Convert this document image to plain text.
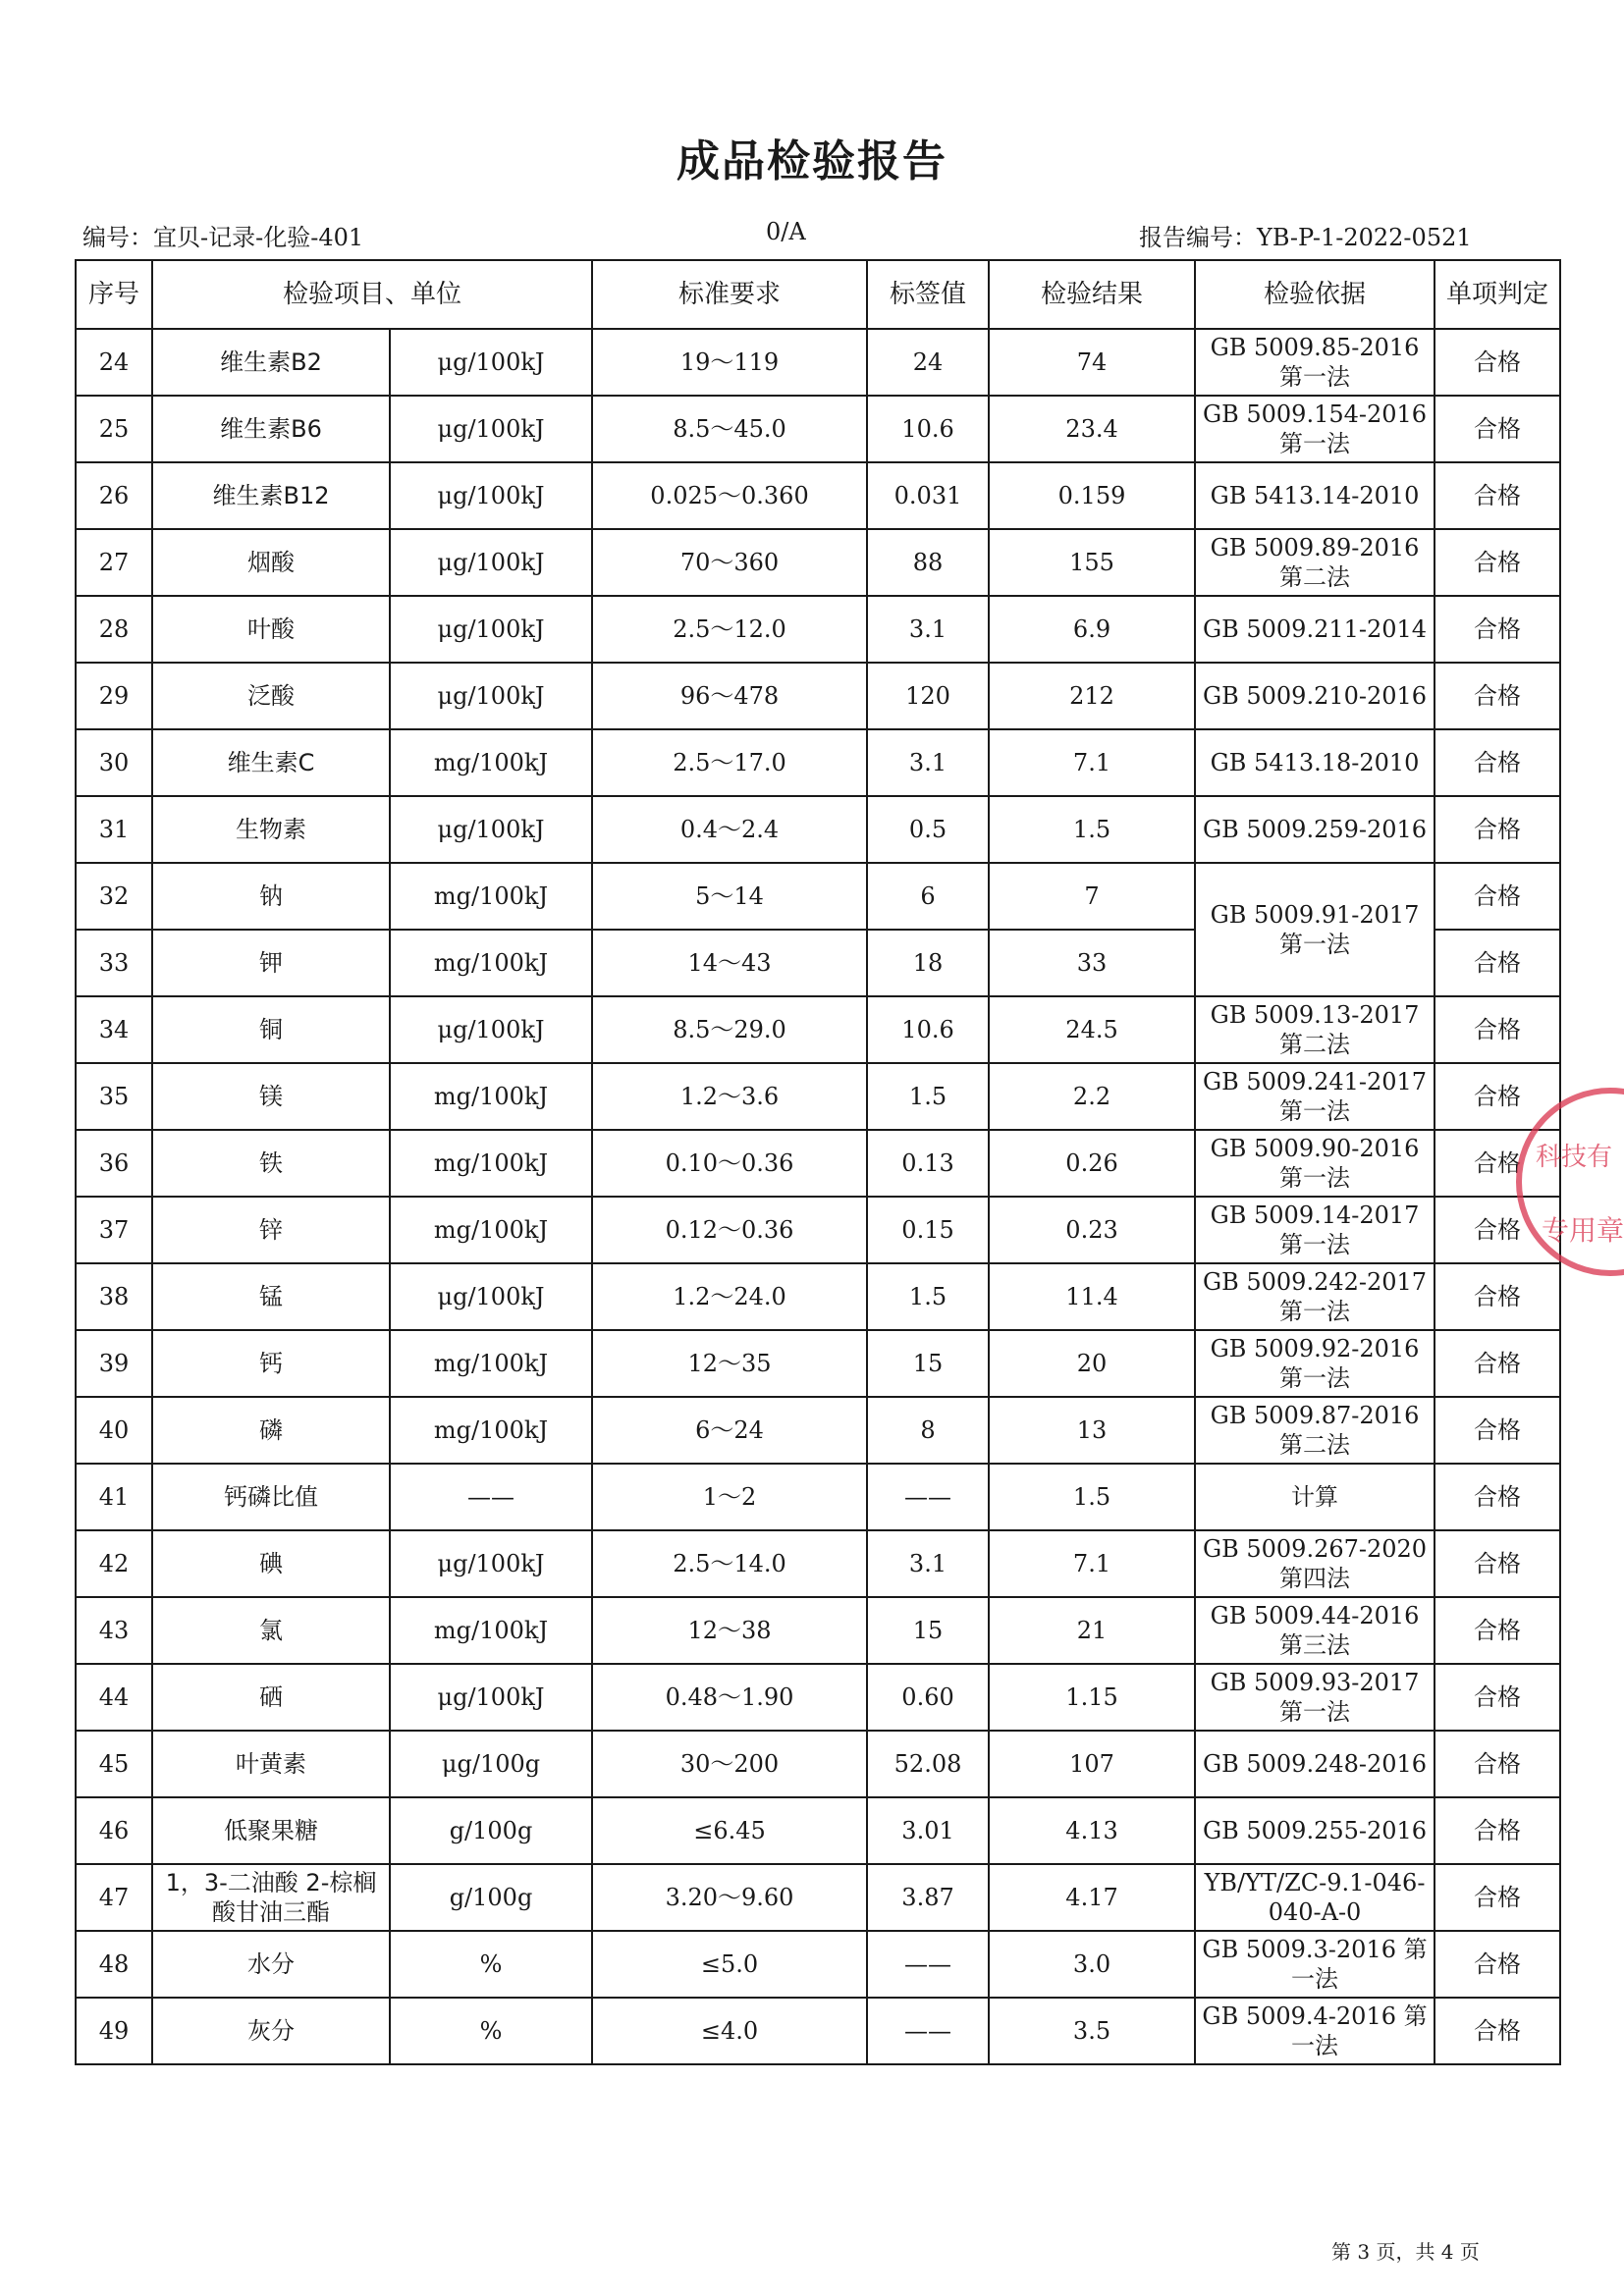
成品检验报告
编号：宜贝-记录-化验-401	0/A	报告编号：YB-P-1-2022-0521
序号	检验项目、单位		标准要求	标签值	检验结果	检验依据	单项判定
24	维生素B2	μg/100kJ	19～119	24	74	GB 5009.85-2016 第一法	合格
25	维生素B6	μg/100kJ	8.5～45.0	10.6	23.4	GB 5009.154-2016 第一法	合格
26	维生素B12	μg/100kJ	0.025～0.360	0.031	0.159	GB 5413.14-2010	合格
27	烟酸	μg/100kJ	70～360	88	155	GB 5009.89-2016 第二法	合格
28	叶酸	μg/100kJ	2.5～12.0	3.1	6.9	GB 5009.211-2014	合格
29	泛酸	μg/100kJ	96～478	120	212	GB 5009.210-2016	合格
30	维生素C	mg/100kJ	2.5～17.0	3.1	7.1	GB 5413.18-2010	合格
31	生物素	μg/100kJ	0.4～2.4	0.5	1.5	GB 5009.259-2016	合格
32	钠	mg/100kJ	5～14	6	7	GB 5009.91-2017 第一法	合格
33	钾	mg/100kJ	14～43	18	33		合格
34	铜	μg/100kJ	8.5～29.0	10.6	24.5	GB 5009.13-2017 第二法	合格
35	镁	mg/100kJ	1.2～3.6	1.5	2.2	GB 5009.241-2017 第一法	合格
36	铁	mg/100kJ	0.10～0.36	0.13	0.26	GB 5009.90-2016 第一法	合格
37	锌	mg/100kJ	0.12～0.36	0.15	0.23	GB 5009.14-2017 第一法	合格
38	锰	μg/100kJ	1.2～24.0	1.5	11.4	GB 5009.242-2017 第一法	合格
39	钙	mg/100kJ	12～35	15	20	GB 5009.92-2016 第一法	合格
40	磷	mg/100kJ	6～24	8	13	GB 5009.87-2016 第二法	合格
41	钙磷比值	——	1～2	——	1.5	计算	合格
42	碘	μg/100kJ	2.5～14.0	3.1	7.1	GB 5009.267-2020 第四法	合格
43	氯	mg/100kJ	12～38	15	21	GB 5009.44-2016 第三法	合格
44	硒	μg/100kJ	0.48～1.90	0.60	1.15	GB 5009.93-2017 第一法	合格
45	叶黄素	μg/100g	30～200	52.08	107	GB 5009.248-2016	合格
46	低聚果糖	g/100g	≤6.45	3.01	4.13	GB 5009.255-2016	合格
47	1，3-二油酸 2-棕榈酸甘油三酯	g/100g	3.20～9.60	3.87	4.17	YB/YT/ZC-9.1-046-040-A-0	合格
48	水分	%	≤5.0	——	3.0	GB 5009.3-2016 第一法	合格
49	灰分	%	≤4.0	——	3.5	GB 5009.4-2016 第一法	合格
科技有
专用章
第 3 页，共 4 页
